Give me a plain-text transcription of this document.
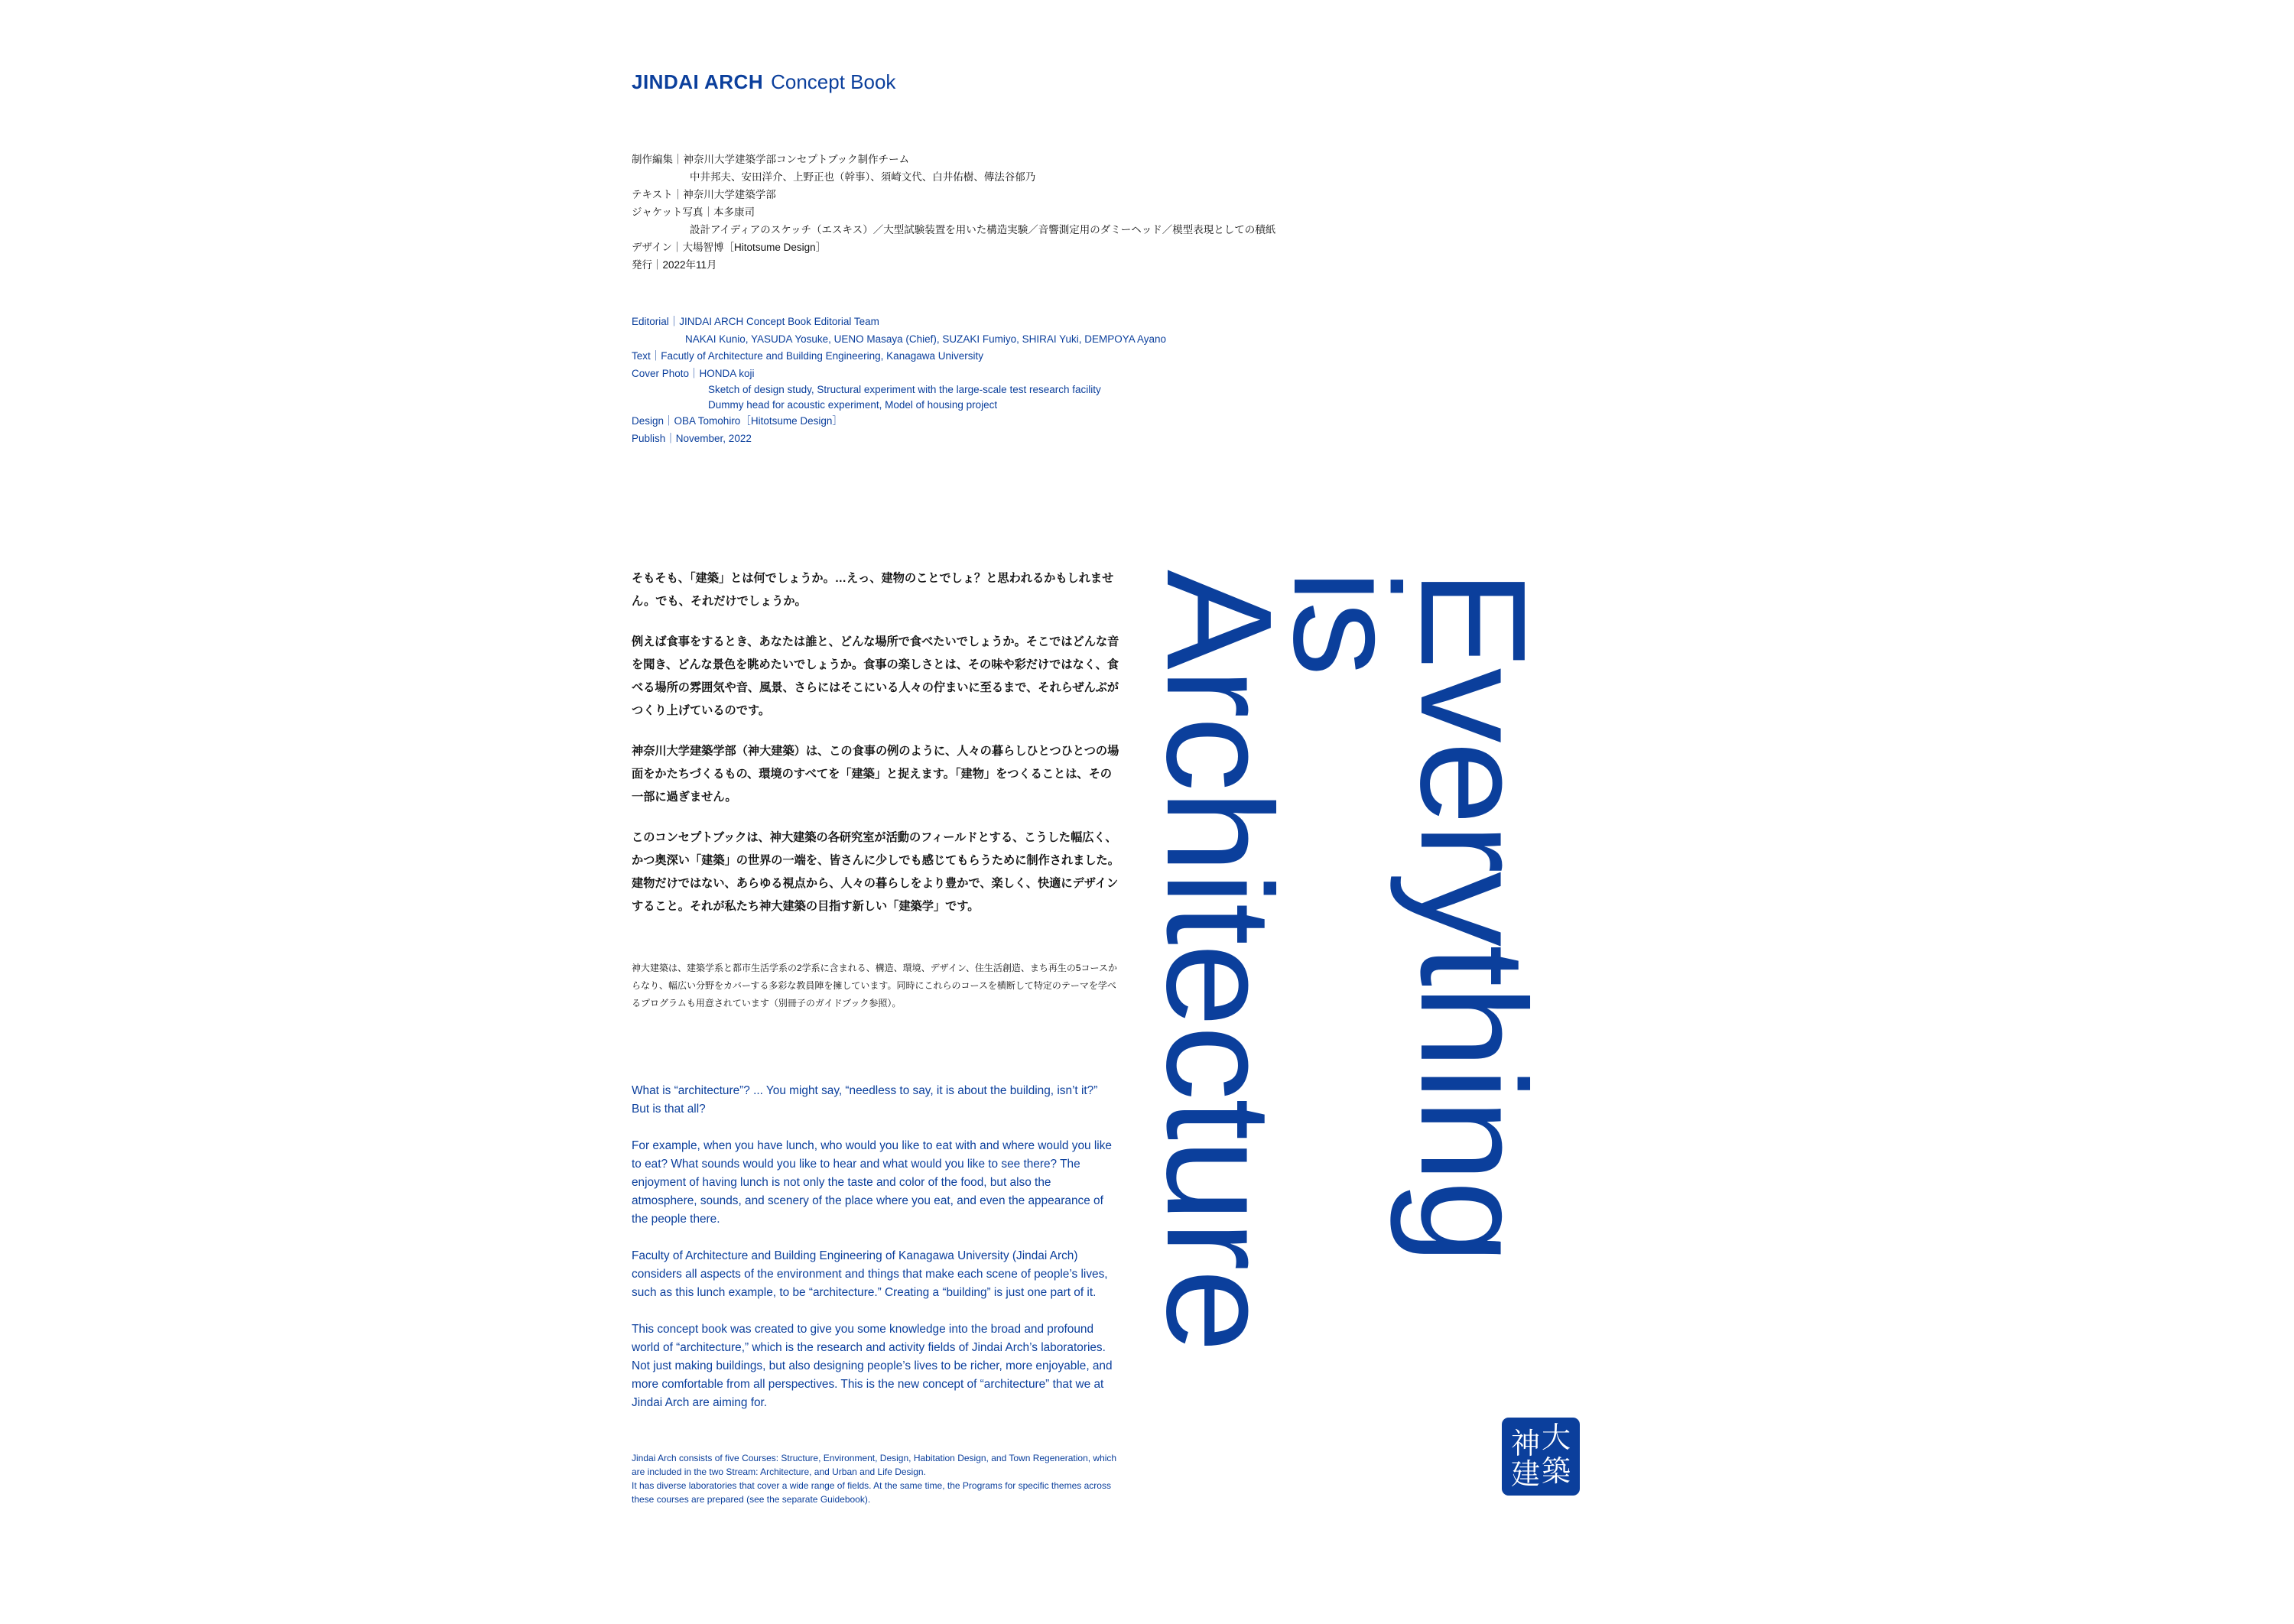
JINDAI ARCH Concept Book
制作編集｜神奈川大学建築学部コンセプトブック制作チーム
中井邦夫、安田洋介、上野正也（幹事）、須崎文代、白井佑樹、傳法谷郁乃
テキスト｜神奈川大学建築学部
ジャケット写真｜本多康司
設計アイディアのスケッチ（エスキス）／大型試験装置を用いた構造実験／音響測定用のダミーヘッド／模型表現としての積紙
デザイン｜大場智博［Hitotsume Design］
発行｜2022年11月
Editorial｜JINDAI ARCH Concept Book Editorial Team
NAKAI Kunio, YASUDA Yosuke, UENO Masaya (Chief), SUZAKI Fumiyo, SHIRAI Yuki, DEMPOYA Ayano
Text｜Facutly of Architecture and Building Engineering, Kanagawa University
Cover Photo｜HONDA koji
Sketch of design study, Structural experiment with the large-scale test research facility
Dummy head for acoustic experiment, Model of housing project
Design｜OBA Tomohiro［Hitotsume Design］
Publish｜November, 2022

そもそも、「建築」とは何でしょうか。…えっ、建物のことでしょ？と思われるかもしれません。でも、それだけでしょうか。

例えば食事をするとき、あなたは誰と、どんな場所で食べたいでしょうか。そこではどんな音を聞き、どんな景色を眺めたいでしょうか。食事の楽しさとは、その味や彩だけではなく、食べる場所の雰囲気や音、風景、さらにはそこにいる人々の佇まいに至るまで、それらぜんぶがつくり上げているのです。

神奈川大学建築学部（神大建築）は、この食事の例のように、人々の暮らしひとつひとつの場面をかたちづくるもの、環境のすべてを「建築」と捉えます。「建物」をつくることは、その一部に過ぎません。

このコンセプトブックは、神大建築の各研究室が活動のフィールドとする、こうした幅広く、かつ奥深い「建築」の世界の一端を、皆さんに少しでも感じてもらうために制作されました。建物だけではない、あらゆる視点から、人々の暮らしをより豊かで、楽しく、快適にデザインすること。それが私たち神大建築の目指す新しい「建築学」です。

神大建築は、建築学系と都市生活学系の2学系に含まれる、構造、環境、デザイン、住生活創造、まち再生の5コースからなり、幅広い分野をカバーする多彩な教員陣を擁しています。同時にこれらのコースを横断して特定のテーマを学べるプログラムも用意されています（別冊子のガイドブック参照）。

What is “architecture”? ... You might say, “needless to say, it is about the building, isn’t it?” But is that all?

For example, when you have lunch, who would you like to eat with and where would you like to eat? What sounds would you like to hear and what would you like to see there? The enjoyment of having lunch is not only the taste and color of the food, but also the atmosphere, sounds, and scenery of the place where you eat, and even the appearance of the people there.

Faculty of Architecture and Building Engineering of Kanagawa University (Jindai Arch) considers all aspects of the environment and things that make each scene of people’s lives, such as this lunch example, to be “architecture.” Creating a “building” is just one part of it.

This concept book was created to give you some knowledge into the broad and profound world of “architecture,” which is the research and activity fields of Jindai Arch’s laboratories. Not just making buildings, but also designing people’s lives to be richer, more enjoyable, and more comfortable from all perspectives. This is the new concept of “architecture” that we at Jindai Arch are aiming for.

Jindai Arch consists of five Courses: Structure, Environment, Design, Habitation Design, and Town Regeneration, which are included in the two Stream: Architecture, and Urban and Life Design.
It has diverse laboratories that cover a wide range of fields. At the same time, the Programs for specific themes across these courses are prepared (see the separate Guidebook).
Everything
is
Architecture
大
神
築
建
